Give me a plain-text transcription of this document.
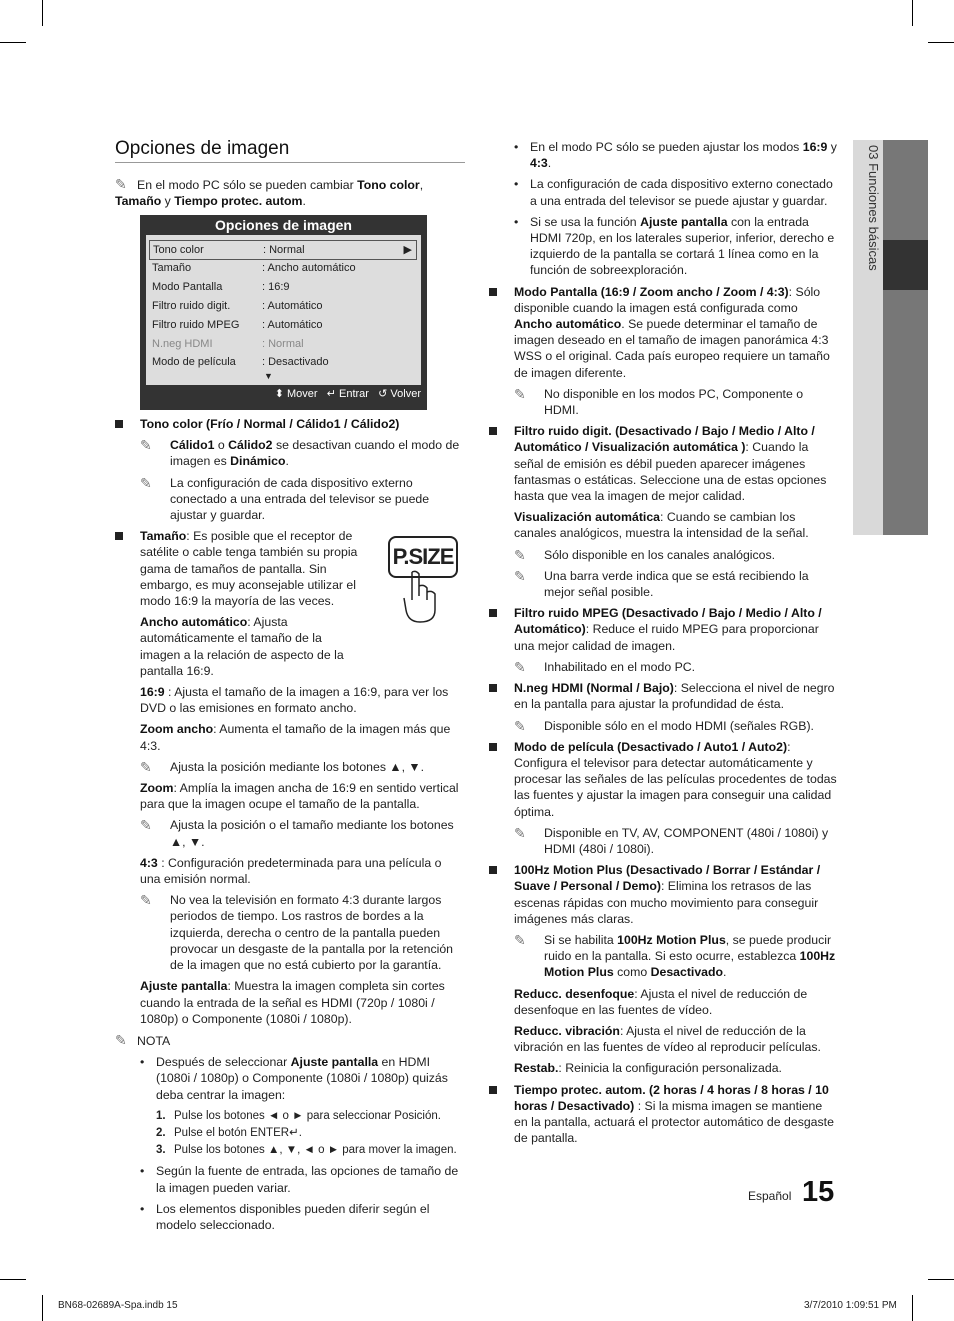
03 Funciones básicas
Opciones de imagen
✎ En el modo PC sólo se pueden cambiar Tono color, Tamaño y Tiempo protec. autom.
Opciones de imagen
Tono color	: Normal	▶
Tamaño	: Ancho automático
Modo Pantalla	: 16:9
Filtro ruido digit.	: Automático
Filtro ruido MPEG : Automático
N.neg HDMI	: Normal
Modo de película : Desactivado
▼
⬍ Mover ↵ Entrar ↺ Volver
P.SIZE

Tono color (Frío / Normal / Cálido1 / Cálido2)

✎	Cálido1 o Cálido2 se desactivan cuando el modo de imagen es Dinámico.

✎	La configuración de cada dispositivo externo conectado a una entrada del televisor se puede ajustar y guardar.

Tamaño: Es posible que el receptor de satélite o cable tenga también su propia gama de tamaños de pantalla. Sin embargo, es muy aconsejable utilizar el modo 16:9 la mayoría de las veces.

Ancho automático: Ajusta automáticamente el tamaño de la imagen a la relación de aspecto de la pantalla 16:9.

16:9 : Ajusta el tamaño de la imagen a 16:9, para ver los DVD o las emisiones en formato ancho.

Zoom ancho: Aumenta el tamaño de la imagen más que 4:3.

✎	Ajusta la posición mediante los botones ▲, ▼.

Zoom: Amplía la imagen ancha de 16:9 en sentido vertical para que la imagen ocupe el tamaño de la pantalla.

✎	Ajusta la posición o el tamaño mediante los botones ▲, ▼.

4:3 : Configuración predeterminada para una película o una emisión normal.

✎	No vea la televisión en formato 4:3 durante largos periodos de tiempo. Los rastros de bordes a la izquierda, derecha o centro de la pantalla pueden provocar un desgaste de la pantalla por la retención de la imagen que no está cubierto por la garantía.

Ajuste pantalla: Muestra la imagen completa sin cortes cuando la entrada de la señal es HDMI (720p / 1080i / 1080p) o Componente (1080i / 1080p).

✎ NOTA

• Después de seleccionar Ajuste pantalla en HDMI (1080i / 1080p) o Componente (1080i / 1080p) quizás deba centrar la imagen:

1. Pulse los botones ◄ o ► para seleccionar Posición.

2. Pulse el botón ENTER↵.

3. Pulse los botones ▲, ▼, ◄ o ► para mover la imagen.

• Según la fuente de entrada, las opciones de tamaño de la imagen pueden variar.

• Los elementos disponibles pueden diferir según el modelo seleccionado.

• En el modo PC sólo se pueden ajustar los modos 16:9 y 4:3.

• La configuración de cada dispositivo externo conectado a una entrada del televisor se puede ajustar y guardar.

• Si se usa la función Ajuste pantalla con la entrada HDMI 720p, en los laterales superior, inferior, derecho e izquierdo de la pantalla se cortará 1 línea como en la función de sobreexploración.

Modo Pantalla (16:9 / Zoom ancho / Zoom / 4:3): Sólo disponible cuando la imagen está configurada como Ancho automático. Se puede determinar el tamaño de imagen deseado en el tamaño de imagen panorámica 4:3 WSS o el original. Cada país europeo requiere un tamaño de imagen diferente.

✎	No disponible en los modos PC, Componente o HDMI.

Filtro ruido digit. (Desactivado / Bajo / Medio / Alto / Automático / Visualización automática ): Cuando la señal de emisión es débil pueden aparecer imágenes fantasmas o estáticas. Seleccione una de estas opciones hasta que vea la imagen de mejor calidad.

Visualización automática: Cuando se cambian los canales analógicos, muestra la intensidad de la señal.

✎	Sólo disponible en los canales analógicos.

✎	Una barra verde indica que se está recibiendo la mejor señal posible.

Filtro ruido MPEG (Desactivado / Bajo / Medio / Alto / Automático): Reduce el ruido MPEG para proporcionar una mejor calidad de imagen.

✎	Inhabilitado en el modo PC.

N.neg HDMI (Normal / Bajo): Selecciona el nivel de negro en la pantalla para ajustar la profundidad de ésta.

✎	Disponible sólo en el modo HDMI (señales RGB).

Modo de película (Desactivado / Auto1 / Auto2): Configura el televisor para detectar automáticamente y procesar las señales de las películas procedentes de todas las fuentes y ajustar la imagen para conseguir una calidad óptima.

✎	Disponible en TV, AV, COMPONENT (480i / 1080i) y HDMI (480i / 1080i).

100Hz Motion Plus (Desactivado / Borrar / Estándar / Suave / Personal / Demo): Elimina los retrasos de las escenas rápidas con mucho movimiento para conseguir imágenes más claras.

✎	Si se habilita 100Hz Motion Plus, se puede producir ruido en la pantalla. Si esto ocurre, establezca 100Hz Motion Plus como Desactivado.

Reducc. desenfoque: Ajusta el nivel de reducción de desenfoque en las fuentes de vídeo.

Reducc. vibración: Ajusta el nivel de reducción de la vibración en las fuentes de vídeo al reproducir películas.

Restab.: Reinicia la configuración personalizada.

Tiempo protec. autom. (2 horas / 4 horas / 8 horas / 10 horas / Desactivado) : Si la misma imagen se mantiene en la pantalla, actuará el protector automático de desgaste de pantalla.

Español 15
BN68-02689A-Spa.indb 15	3/7/2010 1:09:51 PM
